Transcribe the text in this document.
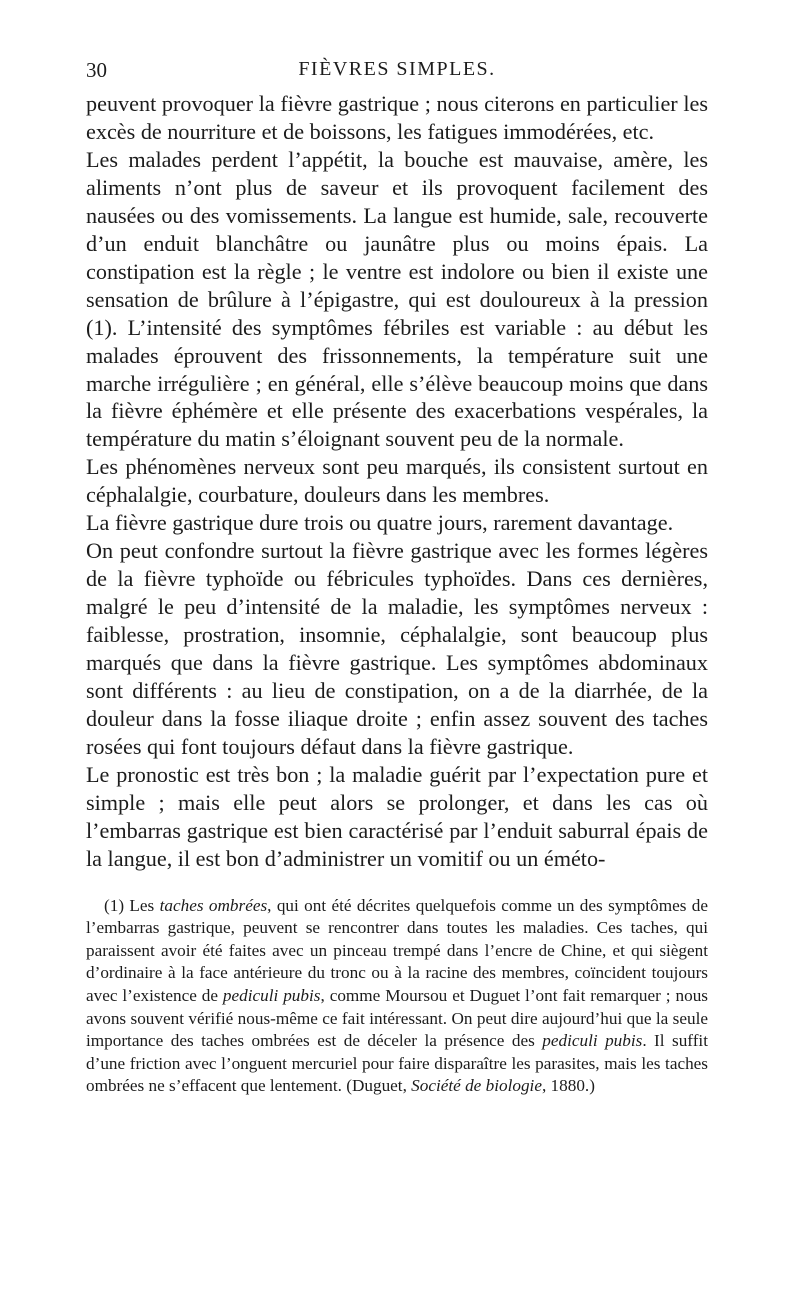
30	FIÈVRES SIMPLES.

peuvent provoquer la fièvre gastrique ; nous citerons en particulier les excès de nourriture et de boissons, les fatigues immodérées, etc.

Les malades perdent l’appétit, la bouche est mauvaise, amère, les aliments n’ont plus de saveur et ils provoquent facilement des nausées ou des vomissements. La langue est humide, sale, recouverte d’un enduit blanchâtre ou jaunâtre plus ou moins épais. La constipation est la règle ; le ventre est indolore ou bien il existe une sensation de brûlure à l’épigastre, qui est douloureux à la pression (1). L’intensité des symptômes fébriles est variable : au début les malades éprouvent des frissonnements, la température suit une marche irrégulière ; en général, elle s’élève beaucoup moins que dans la fièvre éphémère et elle présente des exacerbations vespérales, la température du matin s’éloignant souvent peu de la normale.

Les phénomènes nerveux sont peu marqués, ils consistent surtout en céphalalgie, courbature, douleurs dans les membres.

La fièvre gastrique dure trois ou quatre jours, rarement davantage.

On peut confondre surtout la fièvre gastrique avec les formes légères de la fièvre typhoïde ou fébricules typhoïdes. Dans ces dernières, malgré le peu d’intensité de la maladie, les symptômes nerveux : faiblesse, prostration, insomnie, céphalalgie, sont beaucoup plus marqués que dans la fièvre gastrique. Les symptômes abdominaux sont différents : au lieu de constipation, on a de la diarrhée, de la douleur dans la fosse iliaque droite ; enfin assez souvent des taches rosées qui font toujours défaut dans la fièvre gastrique.

Le pronostic est très bon ; la maladie guérit par l’expectation pure et simple ; mais elle peut alors se prolonger, et dans les cas où l’embarras gastrique est bien caractérisé par l’enduit saburral épais de la langue, il est bon d’administrer un vomitif ou un éméto-

(1) Les taches ombrées, qui ont été décrites quelquefois comme un des symptômes de l’embarras gastrique, peuvent se rencontrer dans toutes les maladies. Ces taches, qui paraissent avoir été faites avec un pinceau trempé dans l’encre de Chine, et qui siègent d’ordinaire à la face antérieure du tronc ou à la racine des membres, coïncident toujours avec l’existence de pediculi pubis, comme Moursou et Duguet l’ont fait remarquer ; nous avons souvent vérifié nous-même ce fait intéressant. On peut dire aujourd’hui que la seule importance des taches ombrées est de déceler la présence des pediculi pubis. Il suffit d’une friction avec l’onguent mercuriel pour faire disparaître les parasites, mais les taches ombrées ne s’effacent que lentement. (Duguet, Société de biologie, 1880.)
